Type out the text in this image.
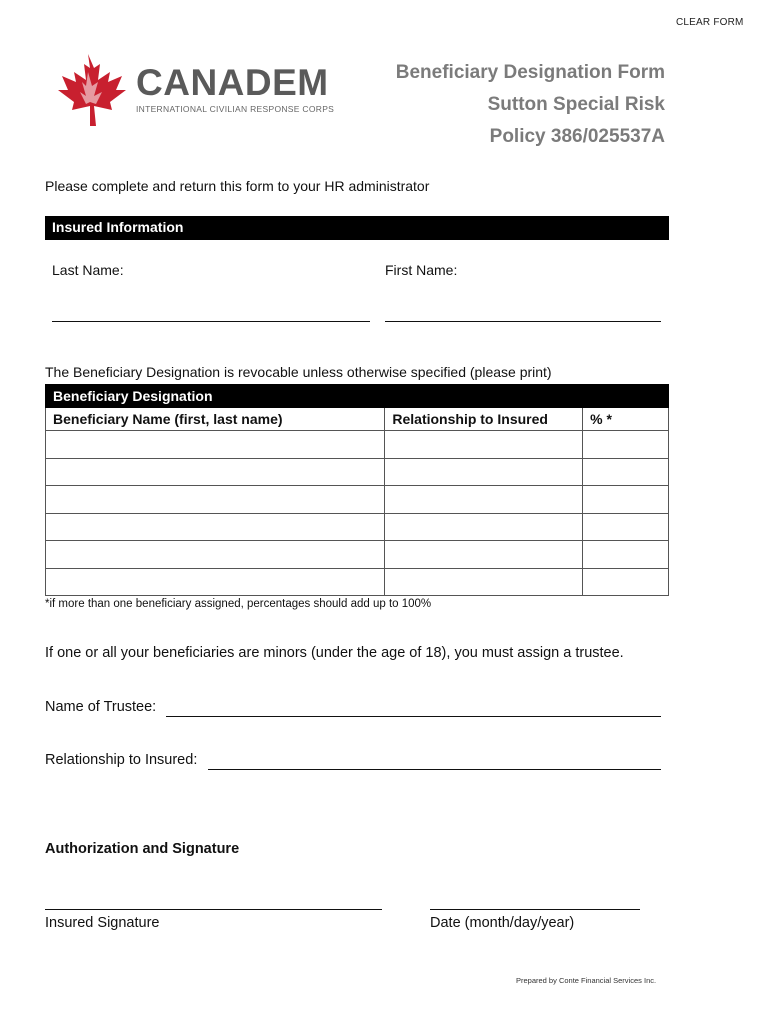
CLEAR FORM
CANADEM
INTERNATIONAL CIVILIAN RESPONSE CORPS
Beneficiary Designation Form
Sutton Special Risk
Policy 386/025537A
Please complete and return this form to your HR administrator
Insured Information
Last Name:	First Name:
The Beneficiary Designation is revocable unless otherwise specified (please print)
Beneficiary Designation		
Beneficiary Name (first, last name)	Relationship to Insured	% *

*if more than one beneficiary assigned, percentages should add up to 100%
If one or all your beneficiaries are minors (under the age of 18), you must assign a trustee.
Name of Trustee:
Relationship to Insured:
Authorization and Signature
Insured Signature	Date (month/day/year)
Prepared by Conte Financial Services Inc.
